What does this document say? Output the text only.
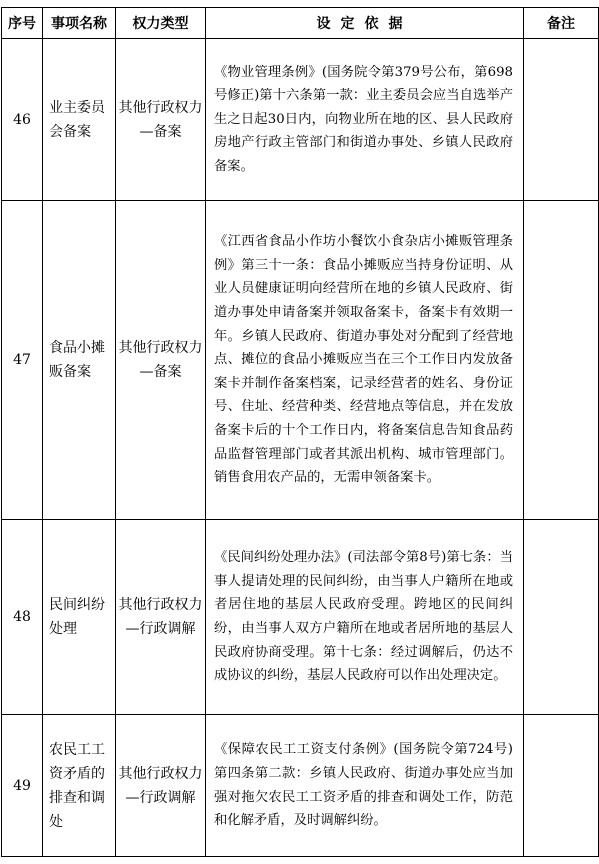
序号	事项名称	权力类型	设定依据	备注
46	业主委员会备案	其他行政权力—备案	《物业管理条例》(国务院令第379号公布，第698号修正)第十六条第一款：业主委员会应当自选举产生之日起30日内，向物业所在地的区、县人民政府房地产行政主管部门和街道办事处、乡镇人民政府备案。	
47	食品小摊贩备案	其他行政权力—备案	《江西省食品小作坊小餐饮小食杂店小摊贩管理条例》第三十一条：食品小摊贩应当持身份证明、从业人员健康证明向经营所在地的乡镇人民政府、街道办事处申请备案并领取备案卡，备案卡有效期一年。乡镇人民政府、街道办事处对分配到了经营地点、摊位的食品小摊贩应当在三个工作日内发放备案卡并制作备案档案，记录经营者的姓名、身份证号、住址、经营种类、经营地点等信息，并在发放备案卡后的十个工作日内，将备案信息告知食品药品监督管理部门或者其派出机构、城市管理部门。销售食用农产品的，无需申领备案卡。	
48	民间纠纷处理	其他行政权力—行政调解	《民间纠纷处理办法》(司法部令第8号)第七条：当事人提请处理的民间纠纷，由当事人户籍所在地或者居住地的基层人民政府受理。跨地区的民间纠纷，由当事人双方户籍所在地或者居所地的基层人民政府协商受理。第十七条：经过调解后，仍达不成协议的纠纷，基层人民政府可以作出处理决定。	
49	农民工工资矛盾的排查和调处	其他行政权力—行政调解	《保障农民工工资支付条例》(国务院令第724号)第四条第二款：乡镇人民政府、街道办事处应当加强对拖欠农民工工资矛盾的排查和调处工作，防范和化解矛盾，及时调解纠纷。	
